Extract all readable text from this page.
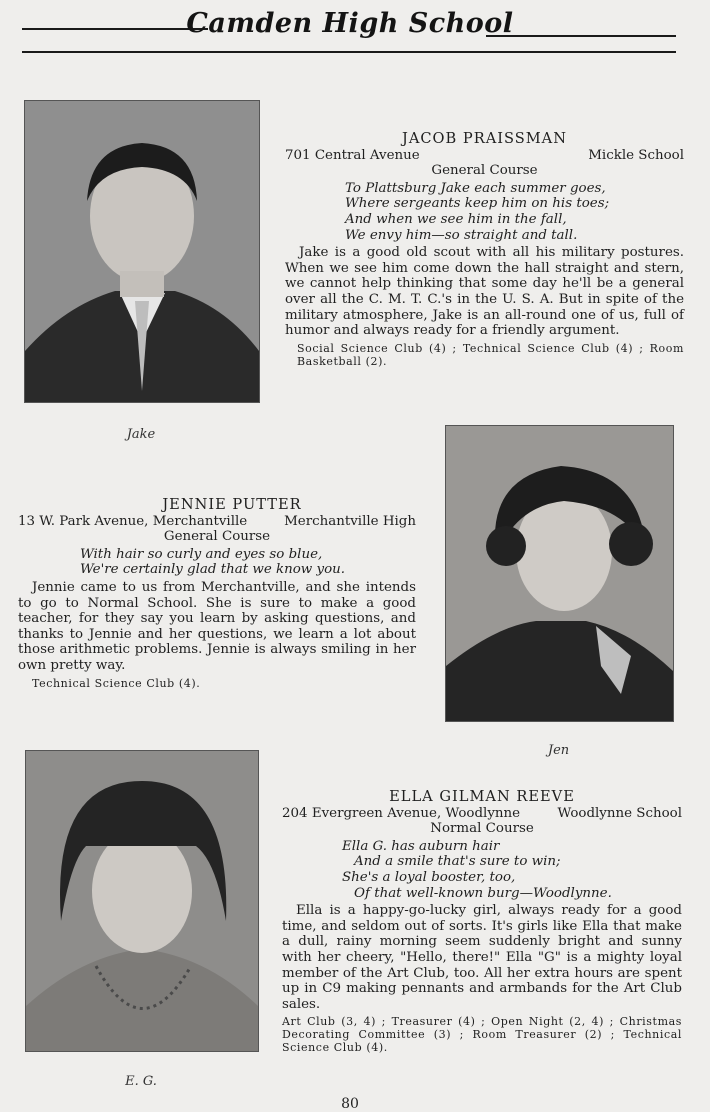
Camden High School
Jake
JACOB PRAISSMAN
701 Central Avenue	Mickle School
General Course
To Plattsburg Jake each summer goes,
Where sergeants keep him on his toes;
And when we see him in the fall,
We envy him—so straight and tall.
Jake is a good old scout with all his military postures. When we see him come down the hall straight and stern, we cannot help thinking that some day he'll be a general over all the C. M. T. C.'s in the U. S. A. But in spite of the military atmosphere, Jake is an all-round one of us, full of humor and always ready for a friendly argument.
Social Science Club (4) ; Technical Science Club (4) ; Room Basketball (2).
JENNIE PUTTER
13 W. Park Avenue, Merchantville	Merchantville High
General Course
With hair so curly and eyes so blue,
We're certainly glad that we know you.
Jennie came to us from Merchantville, and she intends to go to Normal School. She is sure to make a good teacher, for they say you learn by asking questions, and thanks to Jennie and her questions, we learn a lot about those arithmetic problems. Jennie is always smiling in her own pretty way.
Technical Science Club (4).
Jen
E. G.
ELLA GILMAN REEVE
204 Evergreen Avenue, Woodlynne	Woodlynne School
Normal Course
Ella G. has auburn hair
And a smile that's sure to win;
She's a loyal booster, too,
Of that well-known burg—Woodlynne.
Ella is a happy-go-lucky girl, always ready for a good time, and seldom out of sorts. It's girls like Ella that make a dull, rainy morning seem suddenly bright and sunny with her cheery, "Hello, there!" Ella "G" is a mighty loyal member of the Art Club, too. All her extra hours are spent up in C9 making pennants and armbands for the Art Club sales.
Art Club (3, 4) ; Treasurer (4) ; Open Night (2, 4) ; Christmas Decorating Committee (3) ; Room Treasurer (2) ; Technical Science Club (4).
80
